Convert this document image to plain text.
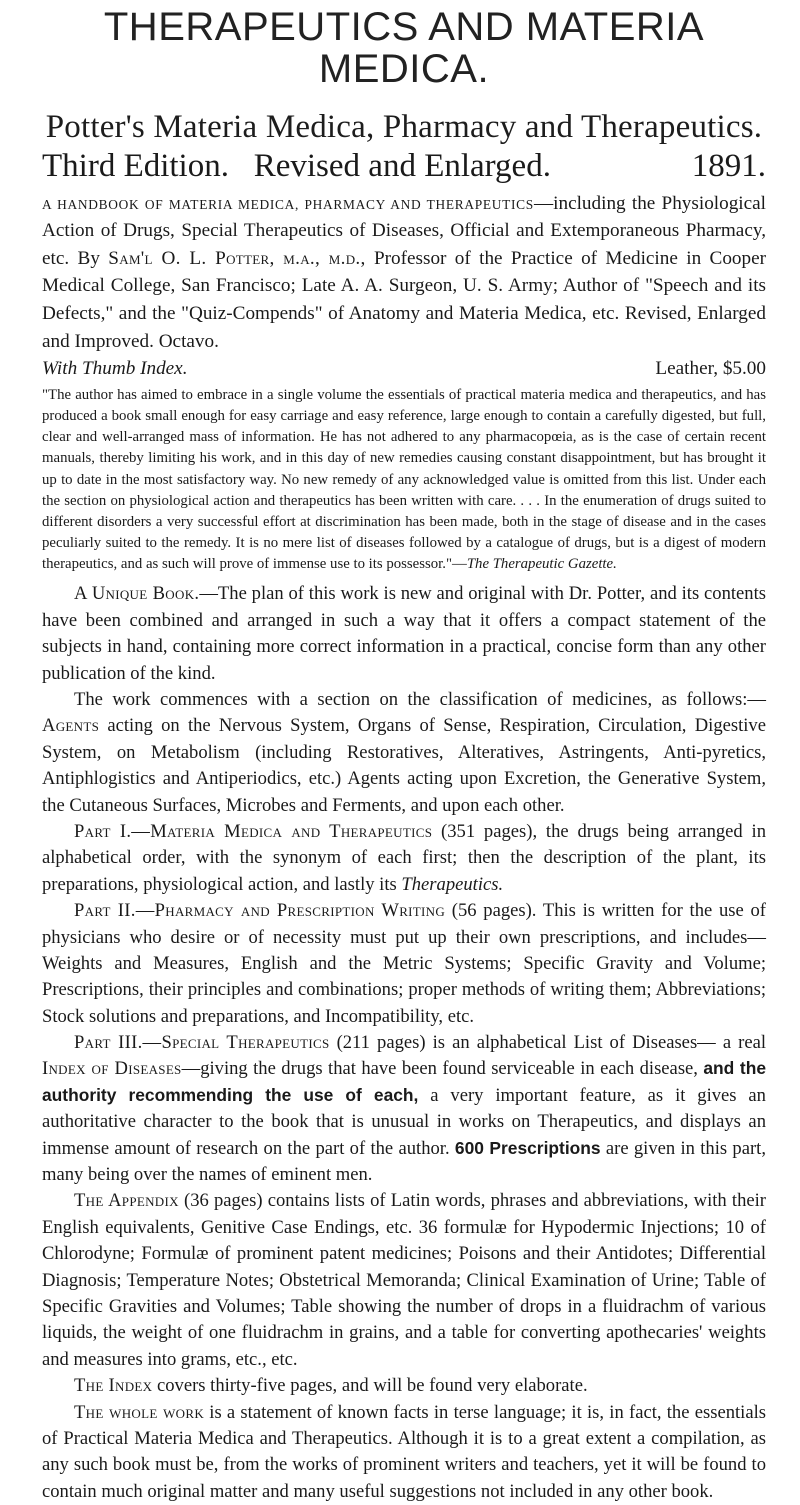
THERAPEUTICS AND MATERIA MEDICA.
Potter's Materia Medica, Pharmacy and Therapeutics.
Third Edition.   Revised and Enlarged.	1891.

A HANDBOOK OF MATERIA MEDICA, PHARMACY AND THERAPEUTICS—including the Physiological Action of Drugs, Special Therapeutics of Diseases, Official and Extemporaneous Pharmacy, etc. By Sam'l O. L. Potter, m.a., m.d., Professor of the Practice of Medicine in Cooper Medical College, San Francisco; Late A. A. Surgeon, U. S. Army; Author of "Speech and its Defects," and the "Quiz-Compends" of Anatomy and Materia Medica, etc. Revised, Enlarged and Improved. Octavo.

With Thumb Index.	Leather, $5.00

"The author has aimed to embrace in a single volume the essentials of practical materia medica and therapeutics, and has produced a book small enough for easy carriage and easy reference, large enough to contain a carefully digested, but full, clear and well-arranged mass of information. He has not adhered to any pharmacopœia, as is the case of certain recent manuals, thereby limiting his work, and in this day of new remedies causing constant disappointment, but has brought it up to date in the most satisfactory way. No new remedy of any acknowledged value is omitted from this list. Under each the section on physiological action and therapeutics has been written with care. . . . In the enumeration of drugs suited to different disorders a very successful effort at discrimination has been made, both in the stage of disease and in the cases peculiarly suited to the remedy. It is no mere list of diseases followed by a catalogue of drugs, but is a digest of modern therapeutics, and as such will prove of immense use to its possessor."—The Therapeutic Gazette.

A Unique Book.—The plan of this work is new and original with Dr. Potter, and its contents have been combined and arranged in such a way that it offers a compact statement of the subjects in hand, containing more correct information in a practical, concise form than any other publication of the kind.

The work commences with a section on the classification of medicines, as follows:— Agents acting on the Nervous System, Organs of Sense, Respiration, Circulation, Digestive System, on Metabolism (including Restoratives, Alteratives, Astringents, Anti-pyretics, Antiphlogistics and Antiperiodics, etc.) Agents acting upon Excretion, the Generative System, the Cutaneous Surfaces, Microbes and Ferments, and upon each other.

Part I.—Materia Medica and Therapeutics (351 pages), the drugs being arranged in alphabetical order, with the synonym of each first; then the description of the plant, its preparations, physiological action, and lastly its Therapeutics.

Part II.—Pharmacy and Prescription Writing (56 pages). This is written for the use of physicians who desire or of necessity must put up their own prescriptions, and includes—Weights and Measures, English and the Metric Systems; Specific Gravity and Volume; Prescriptions, their principles and combinations; proper methods of writing them; Abbreviations; Stock solutions and preparations, and Incompatibility, etc.

Part III.—Special Therapeutics (211 pages) is an alphabetical List of Diseases— a real Index of Diseases—giving the drugs that have been found serviceable in each disease, and the authority recommending the use of each, a very important feature, as it gives an authoritative character to the book that is unusual in works on Therapeutics, and displays an immense amount of research on the part of the author. 600 Prescriptions are given in this part, many being over the names of eminent men.

The Appendix (36 pages) contains lists of Latin words, phrases and abbreviations, with their English equivalents, Genitive Case Endings, etc. 36 formulæ for Hypodermic Injections; 10 of Chlorodyne; Formulæ of prominent patent medicines; Poisons and their Antidotes; Differential Diagnosis; Temperature Notes; Obstetrical Memoranda; Clinical Examination of Urine; Table of Specific Gravities and Volumes; Table showing the number of drops in a fluidrachm of various liquids, the weight of one fluidrachm in grains, and a table for converting apothecaries' weights and measures into grams, etc., etc.

The Index covers thirty-five pages, and will be found very elaborate.

The whole work is a statement of known facts in terse language; it is, in fact, the essentials of Practical Materia Medica and Therapeutics. Although it is to a great extent a compilation, as any such book must be, from the works of prominent writers and teachers, yet it will be found to contain much original matter and many useful suggestions not included in any other book.
